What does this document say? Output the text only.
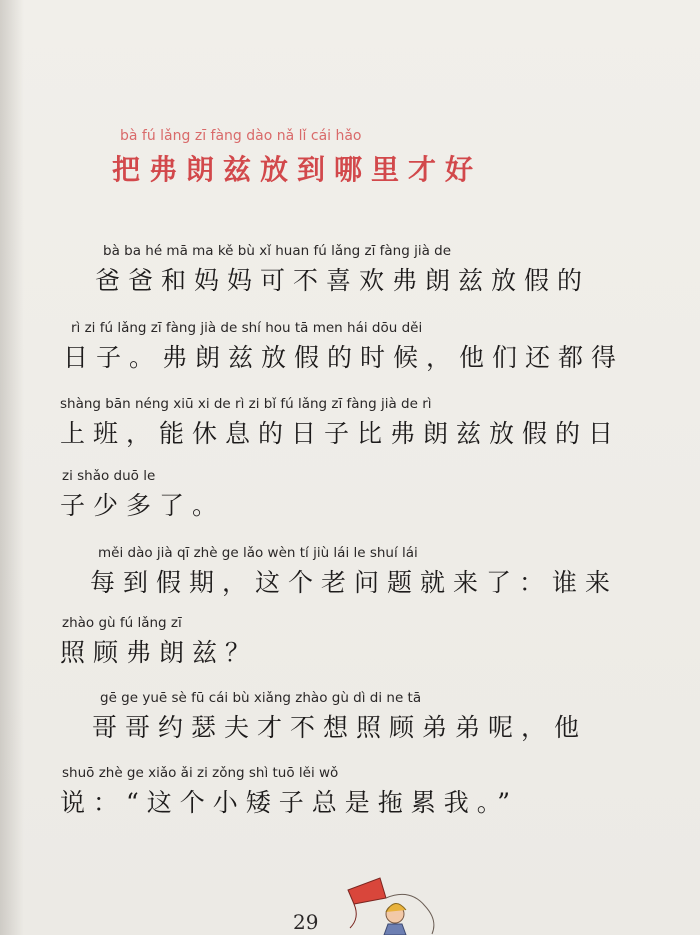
bà fú lǎng zī fàng dào nǎ lǐ cái hǎo
把弗朗兹放到哪里才好
bà ba hé mā ma kě bù xǐ huan fú lǎng zī fàng jià de
爸爸和妈妈可不喜欢弗朗兹放假的
rì zi fú lǎng zī fàng jià de shí hou tā men hái dōu děi
日子。弗朗兹放假的时候，他们还都得
shàng bān néng xiū xi de rì zi bǐ fú lǎng zī fàng jià de rì
上班，能休息的日子比弗朗兹放假的日
zi shǎo duō le
子少多了。
měi dào jià qī zhè ge lǎo wèn tí jiù lái le shuí lái
每到假期，这个老问题就来了：谁来
zhào gù fú lǎng zī
照顾弗朗兹？
gē ge yuē sè fū cái bù xiǎng zhào gù dì di ne tā
哥哥约瑟夫才不想照顾弟弟呢，他
shuō zhè ge xiǎo ǎi zi zǒng shì tuō lěi wǒ
说：“这个小矮子总是拖累我。”
29
